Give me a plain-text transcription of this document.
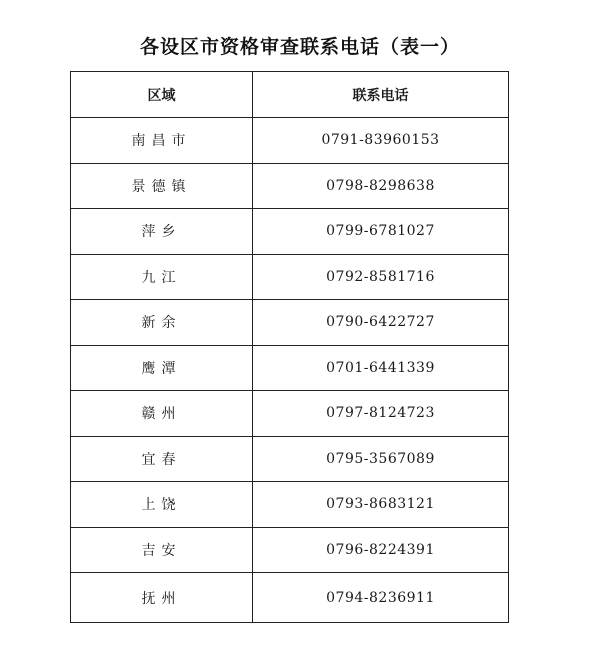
各设区市资格审查联系电话（表一）
区域	联系电话
南昌市	0791-83960153
景德镇	0798-8298638
萍乡	0799-6781027
九江	0792-8581716
新余	0790-6422727
鹰潭	0701-6441339
赣州	0797-8124723
宜春	0795-3567089
上饶	0793-8683121
吉安	0796-8224391
抚州	0794-8236911
